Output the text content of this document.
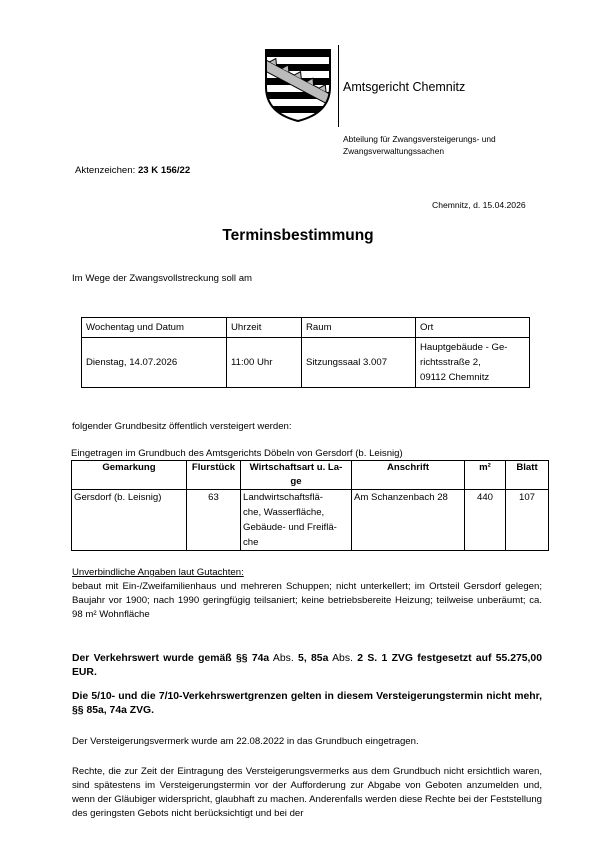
Amtsgericht Chemnitz
Abteilung für Zwangsversteigerungs- und Zwangsverwaltungssachen
Aktenzeichen: 23 K 156/22
Chemnitz, d. 15.04.2026
Terminsbestimmung
Im Wege der Zwangsvollstreckung soll am
Wochentag und Datum	Uhrzeit	Raum	Ort
Dienstag, 14.07.2026	11:00 Uhr	Sitzungssaal 3.007	Hauptgebäude - Ge-
richtsstraße 2,
09112 Chemnitz
folgender Grundbesitz öffentlich versteigert werden:
Eingetragen im Grundbuch des Amtsgerichts Döbeln von Gersdorf (b. Leisnig)
Gemarkung	Flurstück	Wirtschaftsart u. La-
ge	Anschrift	m²	Blatt
Gersdorf (b. Leisnig)	63	Landwirtschaftsflä-
che, Wasserfläche,
Gebäude- und Freiflä-
che	Am Schanzenbach 28	440	107
Unverbindliche Angaben laut Gutachten:
bebaut mit Ein-/Zweifamilienhaus und mehreren Schuppen; nicht unterkellert; im Ortsteil Gersdorf gelegen; Baujahr vor 1900; nach 1990 geringfügig teilsaniert; keine betriebsbereite Heizung; teilweise unberäumt; ca. 98 m² Wohnfläche
Der Verkehrswert wurde gemäß §§ 74a Abs. 5, 85a Abs. 2 S. 1 ZVG festgesetzt auf 55.275,00 EUR.
Die 5/10- und die 7/10-Verkehrswertgrenzen gelten in diesem Versteigerungstermin nicht mehr, §§ 85a, 74a ZVG.
Der Versteigerungsvermerk wurde am 22.08.2022 in das Grundbuch eingetragen.
Rechte, die zur Zeit der Eintragung des Versteigerungsvermerks aus dem Grundbuch nicht ersichtlich waren, sind spätestens im Versteigerungstermin vor der Aufforderung zur Abgabe von Geboten anzumelden und, wenn der Gläubiger widerspricht, glaubhaft zu machen. Anderenfalls werden diese Rechte bei der Feststellung des geringsten Gebots nicht berücksichtigt und bei der
